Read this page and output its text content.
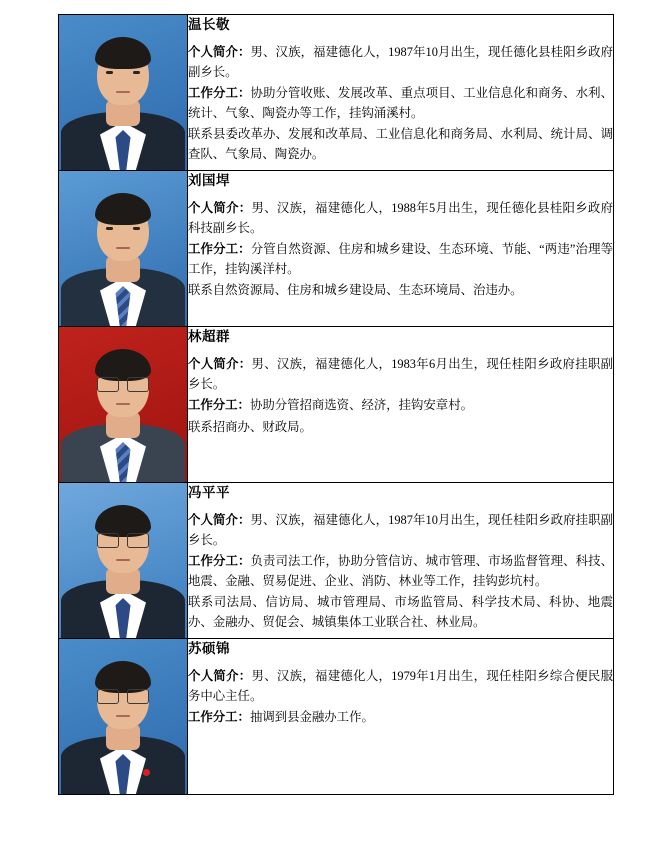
	温长敬

个人简介：男、汉族，福建德化人，1987年10月出生，现任德化县桂阳乡政府副乡长。

工作分工：协助分管收账、发展改革、重点项目、工业信息化和商务、水利、统计、气象、陶瓷办等工作，挂钩涌溪村。

联系县委改革办、发展和改革局、工业信息化和商务局、水利局、统计局、调查队、气象局、陶瓷办。

	刘国垾

个人简介：男、汉族，福建德化人，1988年5月出生，现任德化县桂阳乡政府科技副乡长。

工作分工：分管自然资源、住房和城乡建设、生态环境、节能、“两违”治理等工作，挂钩溪洋村。

联系自然资源局、住房和城乡建设局、生态环境局、治违办。

	林超群

个人简介：男、汉族，福建德化人，1983年6月出生，现任桂阳乡政府挂职副乡长。

工作分工：协助分管招商选资、经济，挂钩安章村。

联系招商办、财政局。

	冯平平

个人简介：男、汉族，福建德化人，1987年10月出生，现任桂阳乡政府挂职副乡长。

工作分工：负责司法工作，协助分管信访、城市管理、市场监督管理、科技、地震、金融、贸易促进、企业、消防、林业等工作，挂钩彭坑村。

联系司法局、信访局、城市管理局、市场监管局、科学技术局、科协、地震办、金融办、贸促会、城镇集体工业联合社、林业局。

	苏硕锦

个人简介：男、汉族，福建德化人，1979年1月出生，现任桂阳乡综合便民服务中心主任。

工作分工：抽调到县金融办工作。
